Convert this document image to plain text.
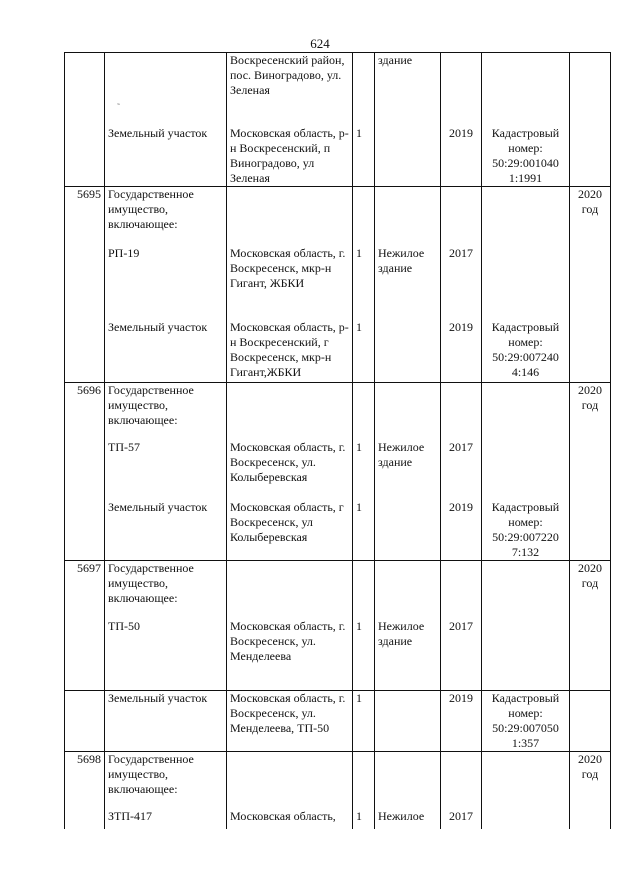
624
˜
		Воскресенский район, пос. Виноградово, ул. Зеленая		здание			
	Земельный участок	Московская область, р-н Воскресенский, п Виноградово, ул Зеленая	1		2019	Кадастровый номер: 50:29:001040 1:1991	
5695	Государственное имущество, включающее:						2020 год
	РП-19	Московская область, г. Воскресенск, мкр-н Гигант, ЖБКИ	1	Нежилое здание	2017		
	Земельный участок	Московская область, р-н Воскресенский, г Воскресенск, мкр-н Гигант,ЖБКИ	1		2019	Кадастровый номер: 50:29:007240 4:146	
5696	Государственное имущество, включающее:						2020 год
	ТП-57	Московская область, г. Воскресенск, ул. Колыберевская	1	Нежилое здание	2017		
	Земельный участок	Московская область, г Воскресенск, ул Колыберевская	1		2019	Кадастровый номер: 50:29:007220 7:132	
5697	Государственное имущество, включающее:						2020 год
	ТП-50	Московская область, г. Воскресенск, ул. Менделеева	1	Нежилое здание	2017		
	Земельный участок	Московская область, г. Воскресенск, ул. Менделеева, ТП-50	1		2019	Кадастровый номер: 50:29:007050 1:357	
5698	Государственное имущество, включающее:						2020 год
	ЗТП-417	Московская область,	1	Нежилое	2017		
